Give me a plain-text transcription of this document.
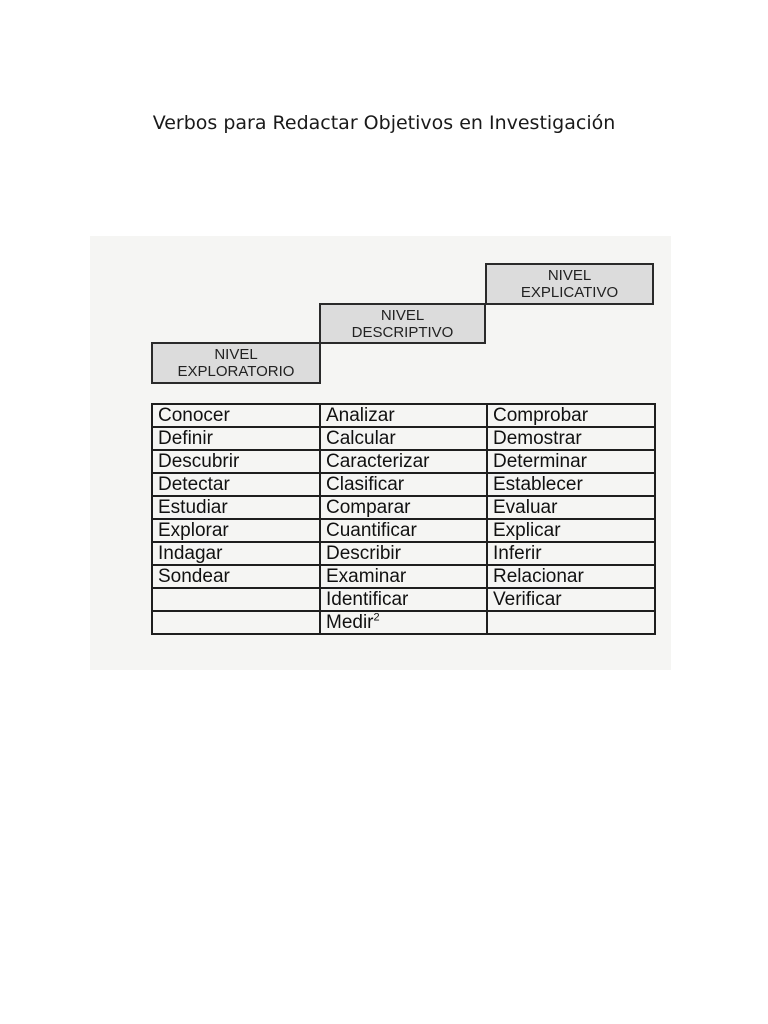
Verbos para Redactar Objetivos en Investigación
NIVEL
EXPLORATORIO
NIVEL
DESCRIPTIVO
NIVEL
EXPLICATIVO
Conocer	Analizar	Comprobar
Definir	Calcular	Demostrar
Descubrir	Caracterizar	Determinar
Detectar	Clasificar	Establecer
Estudiar	Comparar	Evaluar
Explorar	Cuantificar	Explicar
Indagar	Describir	Inferir
Sondear	Examinar	Relacionar
	Identificar	Verificar
	Medir$^2$	
